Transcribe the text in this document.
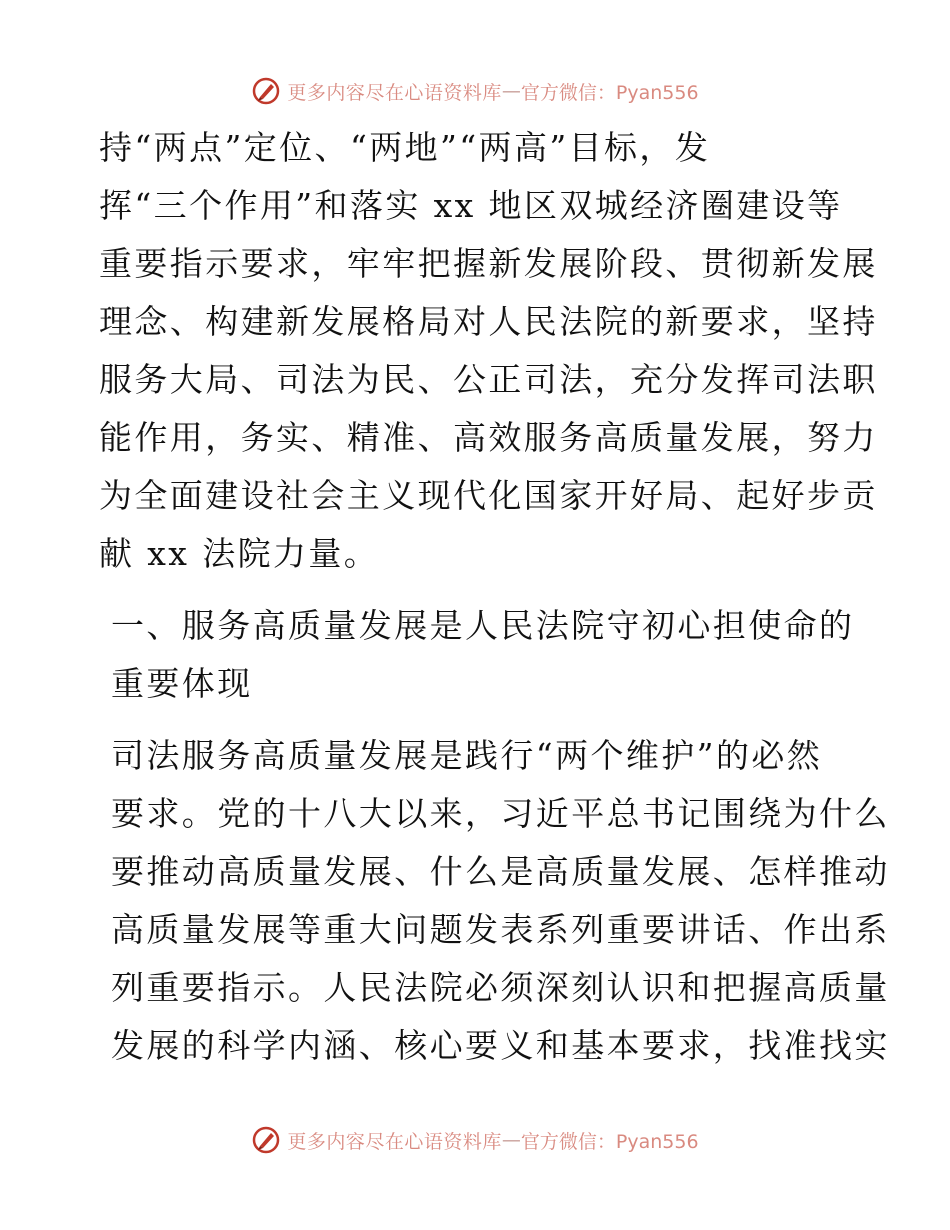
更多内容尽在心语资料库 — 官方微信：Pyan556

持“两点”定位、“两地”“两高”目标，发
挥“三个作用”和落实 xx 地区双城经济圈建设等
重要指示要求，牢牢把握新发展阶段、贯彻新发展
理念、构建新发展格局对人民法院的新要求，坚持
服务大局、司法为民、公正司法，充分发挥司法职
能作用，务实、精准、高效服务高质量发展，努力
为全面建设社会主义现代化国家开好局、起好步贡
献 xx 法院力量。

一、服务高质量发展是人民法院守初心担使命的
重要体现

司法服务高质量发展是践行“两个维护”的必然
要求。党的十八大以来，习近平总书记围绕为什么
要推动高质量发展、什么是高质量发展、怎样推动
高质量发展等重大问题发表系列重要讲话、作出系
列重要指示。人民法院必须深刻认识和把握高质量
发展的科学内涵、核心要义和基本要求，找准找实

更多内容尽在心语资料库 — 官方微信：Pyan556
